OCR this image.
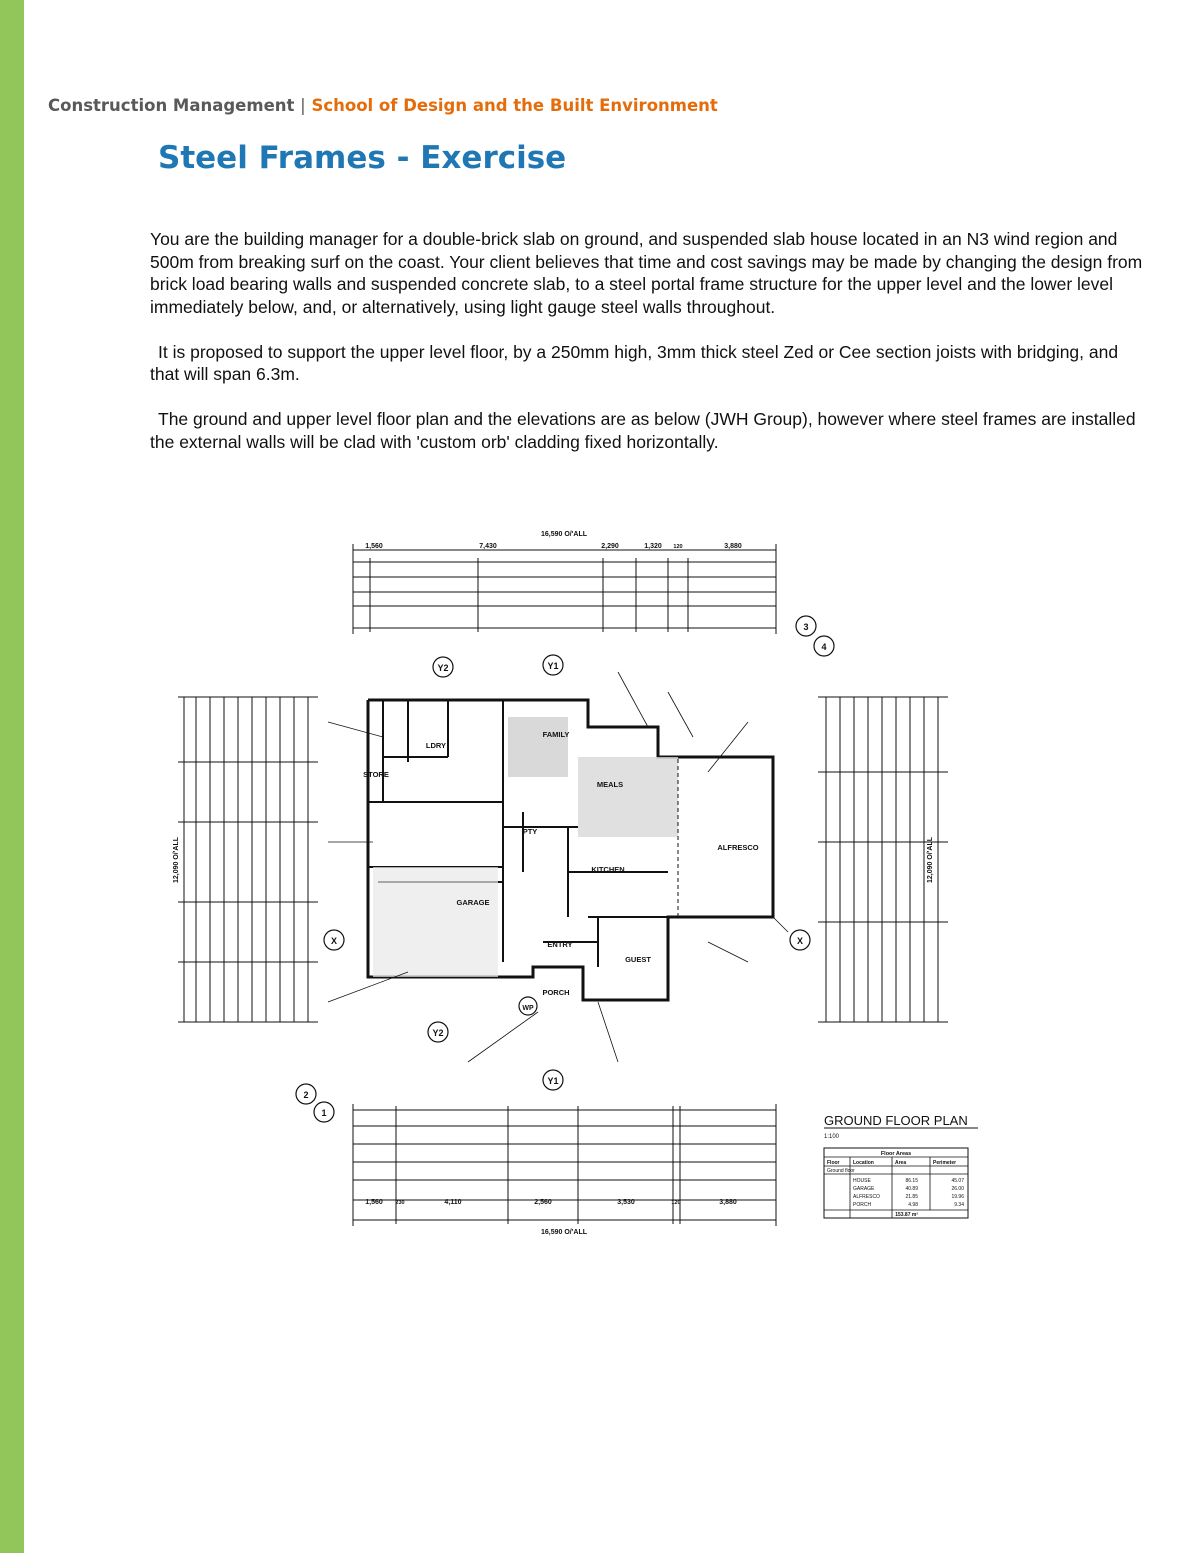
Construction Management | School of Design and the Built Environment
Steel Frames - Exercise

You are the building manager for a double-brick slab on ground, and suspended slab house located in an N3 wind region and 500m from breaking surf on the coast. Your client believes that time and cost savings may be made by changing the design from brick load bearing walls and suspended concrete slab, to a steel portal frame structure for the upper level and the lower level immediately below, and, or alternatively, using light gauge steel walls throughout.

It is proposed to support the upper level floor, by a 250mm high, 3mm thick steel Zed or Cee section joists with bridging, and that will span 6.3m.

The ground and upper level floor plan and the elevations are as below (JWH Group), however where steel frames are installed the external walls will be clad with 'custom orb' cladding fixed horizontally.

16,590 O/'ALL
12,090 O/'ALL	12,090 O/'ALL
Y2	Y1
X	X
Y2
Y1
3
4
2
1
WP
GARAGE
ALFRESCO
PORCH
STORE
LDRY
KITCHEN
ENTRY
GUEST
PTY
MEALS
FAMILY
1,560 230	4,110	2,560	3,530	120	3,880
16,590 O/'ALL
1,560	7,430	2,290	1,320 120	3,880
GROUND FLOOR PLAN
1:100
Floor Areas
Floor	Location	Area	Perimeter
Ground floor
HOUSE	86.15	45.07
GARAGE	40.89	26.00
ALFRESCO	21.85	19.96
PORCH	4.98	9.34
153.87 m²
